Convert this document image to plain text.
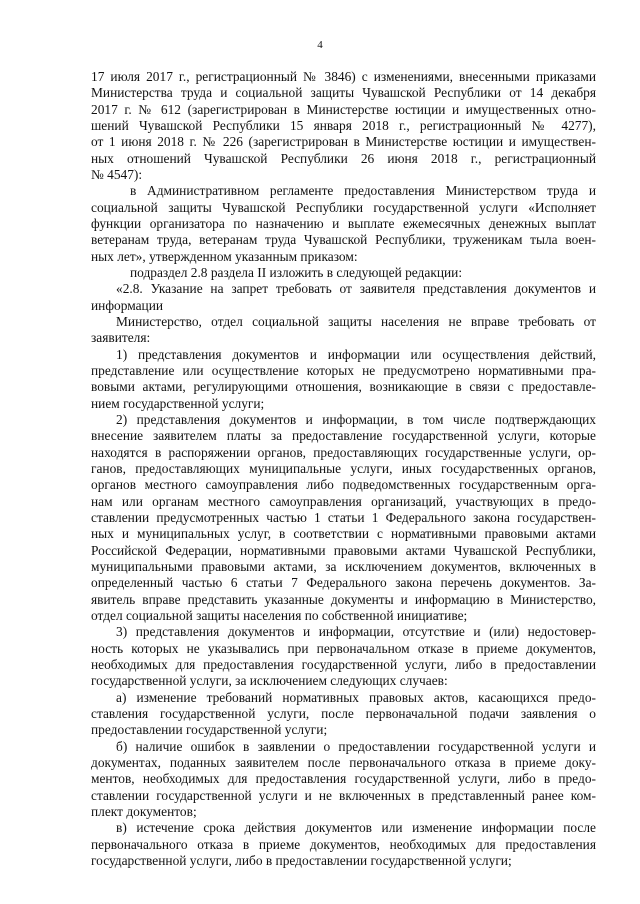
4
17 июля 2017 г., регистрационный № 3846) с изменениями, внесенными приказами
Министерства труда и социальной защиты Чувашской Республики от 14 декабря
2017 г. № 612 (зарегистрирован в Министерстве юстиции и имущественных отно-
шений Чувашской Республики 15 января 2018 г., регистрационный № 4277),
от 1 июня 2018 г. № 226 (зарегистрирован в Министерстве юстиции и имуществен-
ных отношений Чувашской Республики 26 июня 2018 г., регистрационный
№ 4547):
в Административном регламенте предоставления Министерством труда и
социальной защиты Чувашской Республики государственной услуги «Исполняет
функции организатора по назначению и выплате ежемесячных денежных выплат
ветеранам труда, ветеранам труда Чувашской Республики, труженикам тыла воен-
ных лет», утвержденном указанным приказом:
подраздел 2.8 раздела II изложить в следующей редакции:
«2.8. Указание на запрет требовать от заявителя представления документов и
информации
Министерство, отдел социальной защиты населения не вправе требовать от
заявителя:
1) представления документов и информации или осуществления действий,
представление или осуществление которых не предусмотрено нормативными пра-
вовыми актами, регулирующими отношения, возникающие в связи с предоставле-
нием государственной услуги;
2) представления документов и информации, в том числе подтверждающих
внесение заявителем платы за предоставление государственной услуги, которые
находятся в распоряжении органов, предоставляющих государственные услуги, ор-
ганов, предоставляющих муниципальные услуги, иных государственных органов,
органов местного самоуправления либо подведомственных государственным орга-
нам или органам местного самоуправления организаций, участвующих в предо-
ставлении предусмотренных частью 1 статьи 1 Федерального закона государствен-
ных и муниципальных услуг, в соответствии с нормативными правовыми актами
Российской Федерации, нормативными правовыми актами Чувашской Республики,
муниципальными правовыми актами, за исключением документов, включенных в
определенный частью 6 статьи 7 Федерального закона перечень документов. За-
явитель вправе представить указанные документы и информацию в Министерство,
отдел социальной защиты населения по собственной инициативе;
3) представления документов и информации, отсутствие и (или) недостовер-
ность которых не указывались при первоначальном отказе в приеме документов,
необходимых для предоставления государственной услуги, либо в предоставлении
государственной услуги, за исключением следующих случаев:
а) изменение требований нормативных правовых актов, касающихся предо-
ставления государственной услуги, после первоначальной подачи заявления о
предоставлении государственной услуги;
б) наличие ошибок в заявлении о предоставлении государственной услуги и
документах, поданных заявителем после первоначального отказа в приеме доку-
ментов, необходимых для предоставления государственной услуги, либо в предо-
ставлении государственной услуги и не включенных в представленный ранее ком-
плект документов;
в) истечение срока действия документов или изменение информации после
первоначального отказа в приеме документов, необходимых для предоставления
государственной услуги, либо в предоставлении государственной услуги;
